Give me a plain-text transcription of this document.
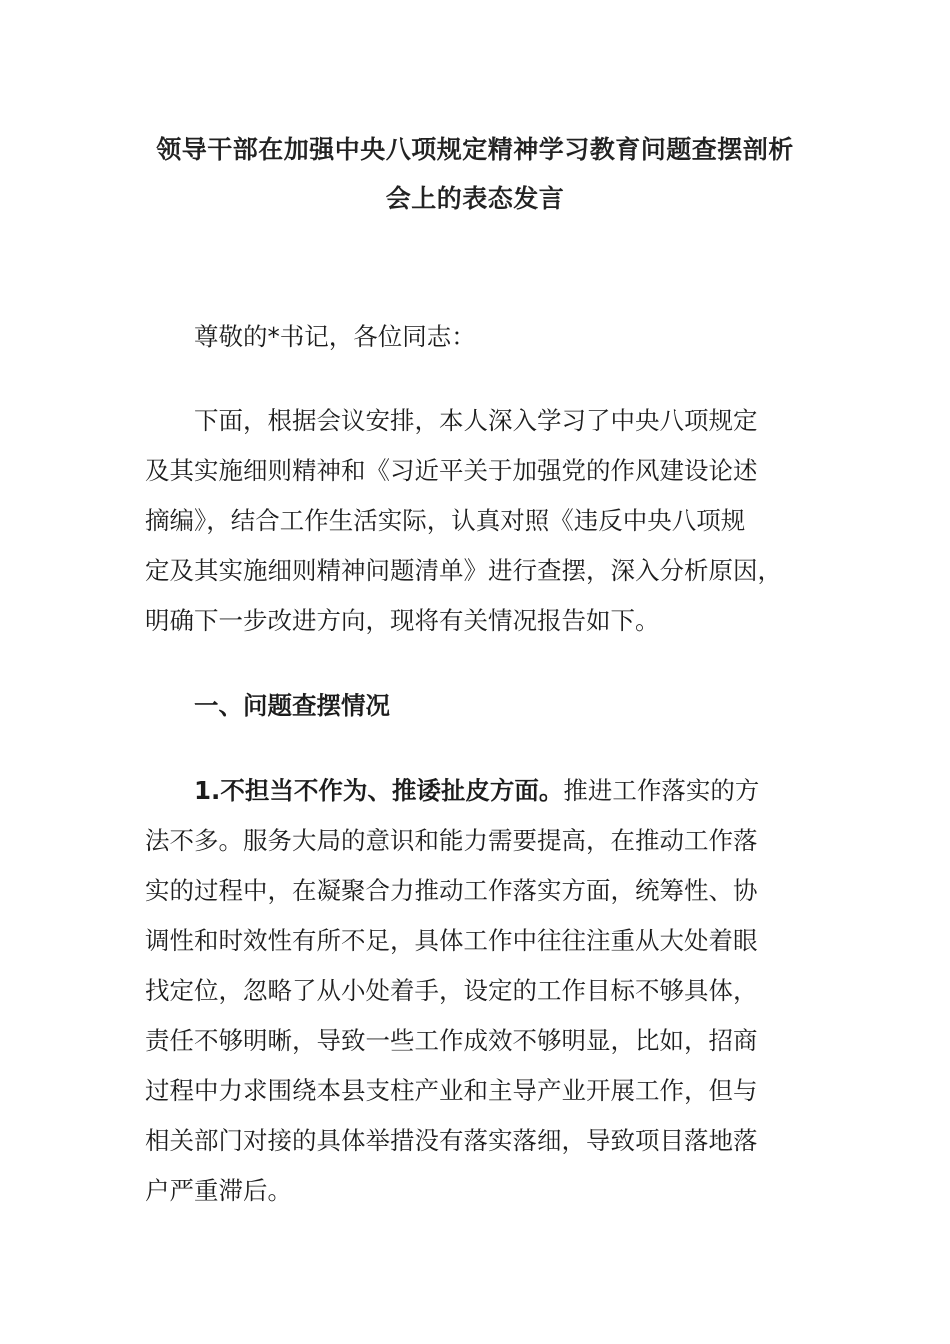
领导干部在加强中央八项规定精神学习教育问题查摆剖析
会上的表态发言
尊敬的*书记，各位同志：
下面，根据会议安排，本人深入学习了中央八项规定
及其实施细则精神和《习近平关于加强党的作风建设论述
摘编》，结合工作生活实际，认真对照《违反中央八项规
定及其实施细则精神问题清单》进行查摆，深入分析原因，
明确下一步改进方向，现将有关情况报告如下。
一、问题查摆情况
1.不担当不作为、推诿扯皮方面。推进工作落实的方
法不多。服务大局的意识和能力需要提高，在推动工作落
实的过程中，在凝聚合力推动工作落实方面，统筹性、协
调性和时效性有所不足，具体工作中往往注重从大处着眼
找定位，忽略了从小处着手，设定的工作目标不够具体，
责任不够明晰，导致一些工作成效不够明显，比如，招商
过程中力求围绕本县支柱产业和主导产业开展工作，但与
相关部门对接的具体举措没有落实落细，导致项目落地落
户严重滞后。
